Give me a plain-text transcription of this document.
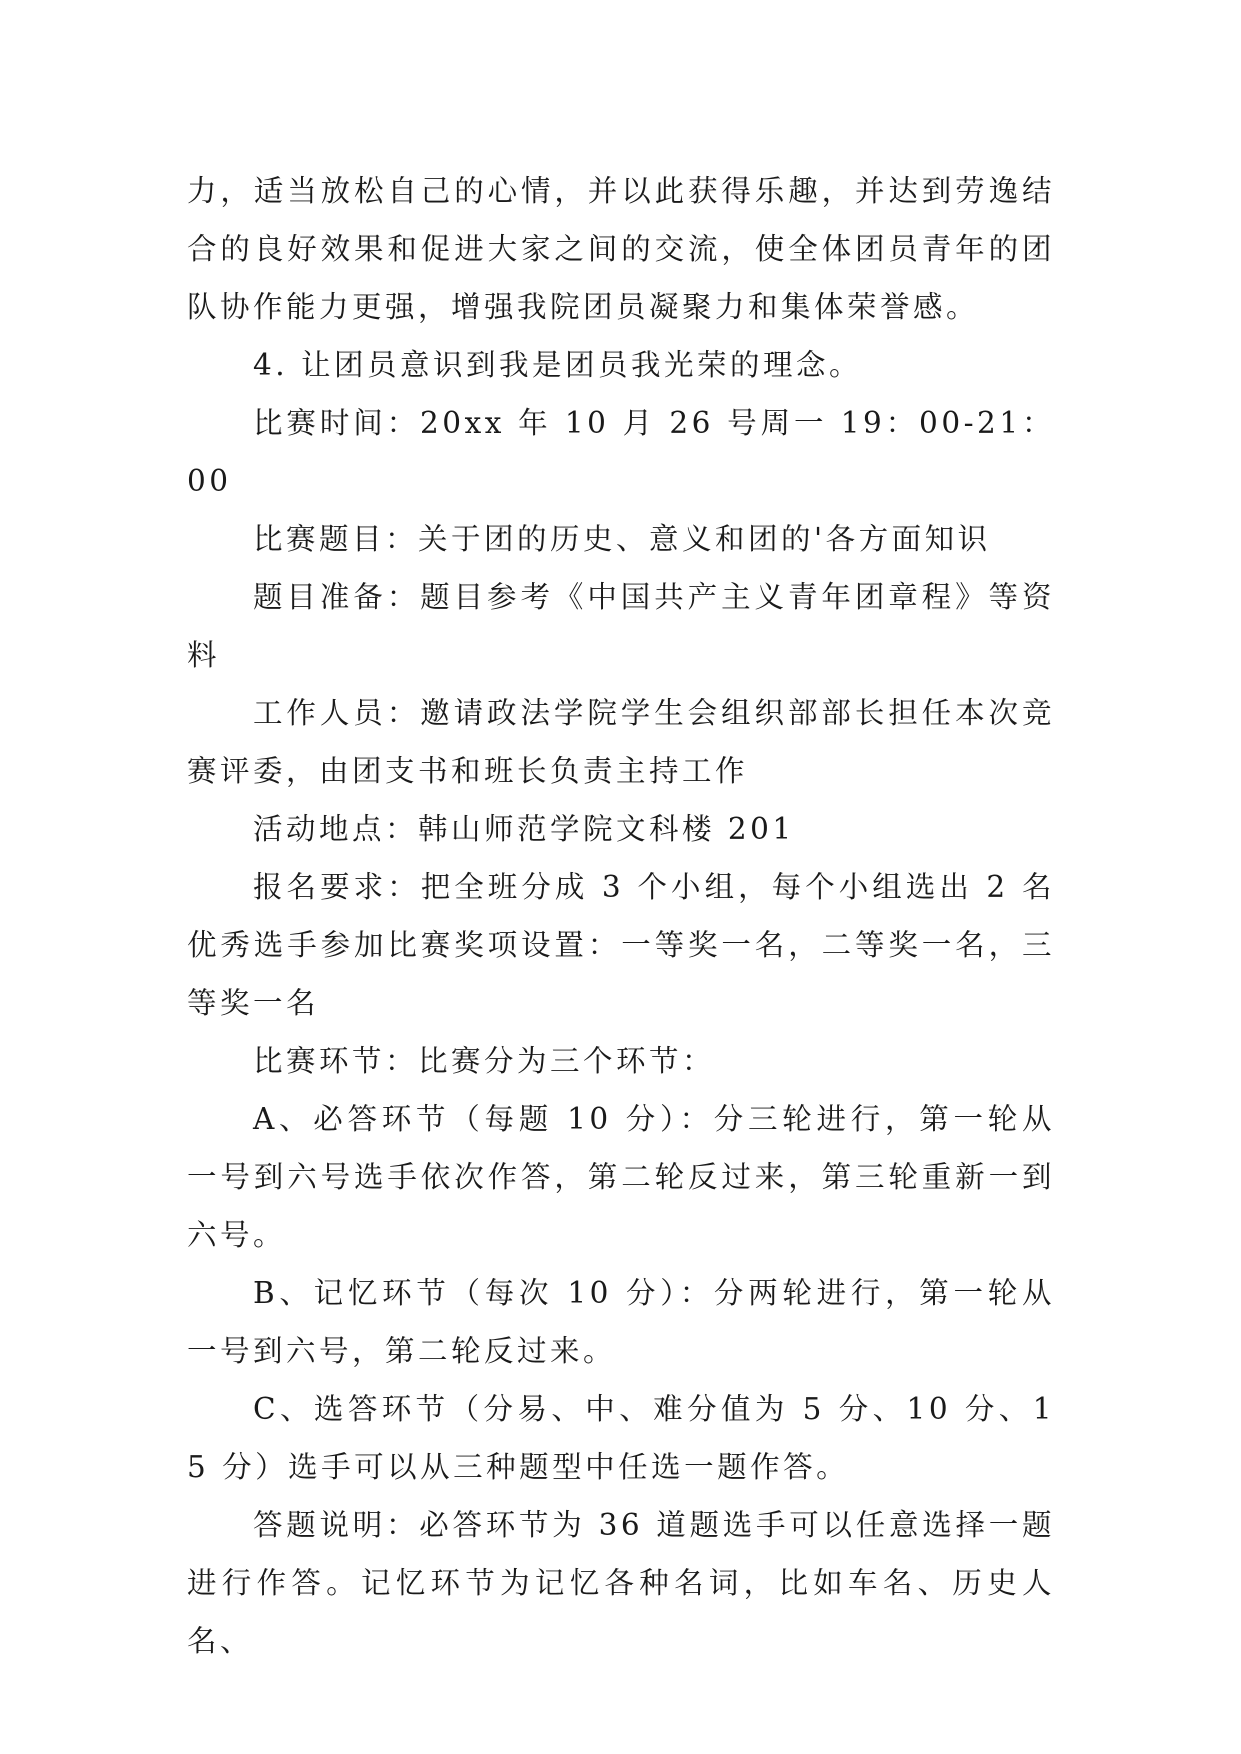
力，适当放松自己的心情，并以此获得乐趣，并达到劳逸结合的良好效果和促进大家之间的交流，使全体团员青年的团队协作能力更强，增强我院团员凝聚力和集体荣誉感。

4. 让团员意识到我是团员我光荣的理念。

比赛时间：20xx 年 10 月 26 号周一 19：00-21：00

比赛题目：关于团的历史、意义和团的'各方面知识

题目准备：题目参考《中国共产主义青年团章程》等资料

工作人员：邀请政法学院学生会组织部部长担任本次竞赛评委，由团支书和班长负责主持工作

活动地点：韩山师范学院文科楼 201

报名要求：把全班分成 3 个小组，每个小组选出 2 名优秀选手参加比赛奖项设置：一等奖一名，二等奖一名，三等奖一名

比赛环节：比赛分为三个环节：

A、必答环节（每题 10 分）：分三轮进行，第一轮从一号到六号选手依次作答，第二轮反过来，第三轮重新一到六号。

B、记忆环节（每次 10 分）：分两轮进行，第一轮从一号到六号，第二轮反过来。

C、选答环节（分易、中、难分值为 5 分、10 分、15 分）选手可以从三种题型中任选一题作答。

答题说明：必答环节为 36 道题选手可以任意选择一题进行作答。记忆环节为记忆各种名词，比如车名、历史人名、
